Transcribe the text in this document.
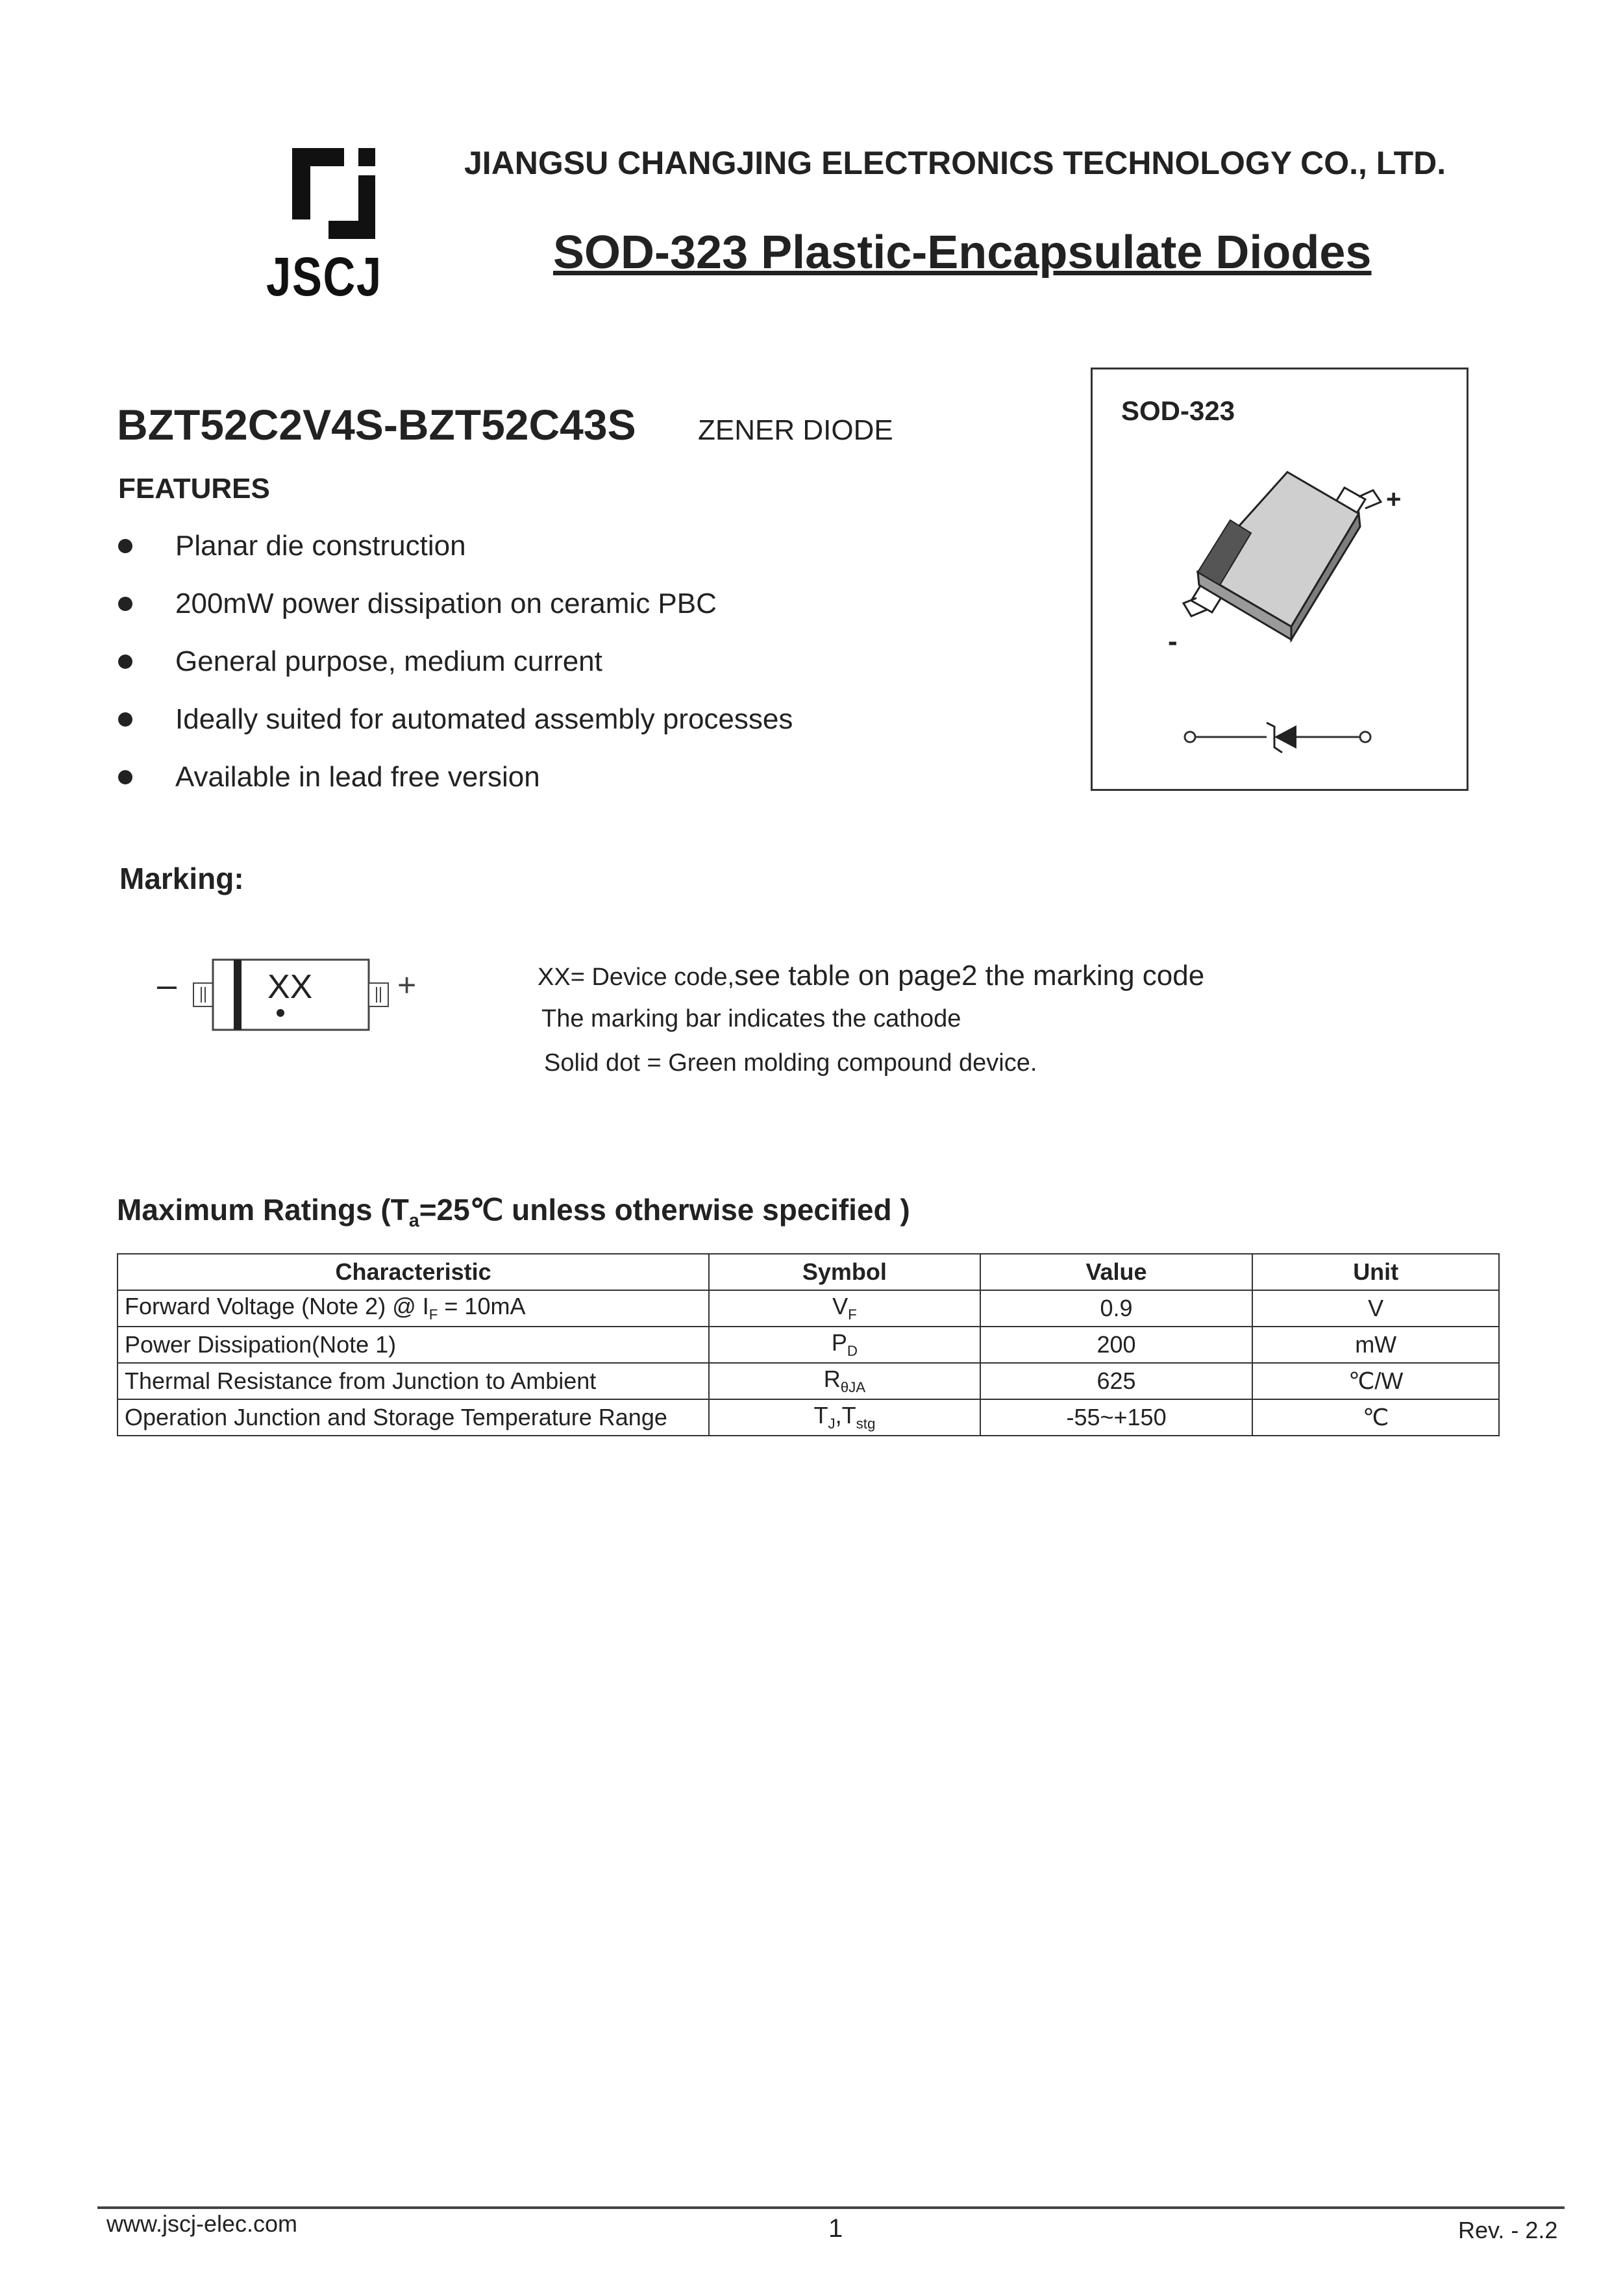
JSCJ
JIANGSU CHANGJING ELECTRONICS TECHNOLOGY CO., LTD.
SOD-323 Plastic-Encapsulate Diodes
BZT52C2V4S-BZT52C43S ZENER DIODE
FEATURES
Planar die construction
200mW power dissipation on ceramic PBC
General purpose, medium current
Ideally suited for automated assembly processes
Available in lead free version
SOD-323
+
-
Marking:
–	XX	+	XX= Device code,see table on page2 the marking code
The marking bar indicates the cathode
Solid dot = Green molding compound device.
Maximum Ratings ($T_a=25℃$ unless otherwise specified )
Characteristic	Symbol	Value	Unit
Forward Voltage (Note 2) @ $I_F = 10mA$	$V_F$	0.9	V
Power Dissipation(Note 1)	$P_D$	200	mW
Thermal Resistance from Junction to Ambient	$R_{\theta JA}$	625	℃/W
Operation Junction and Storage Temperature Range	$T_J,T_{stg}$	-55~+150	℃
www.jscj-elec.com	1	Rev. - 2.2
